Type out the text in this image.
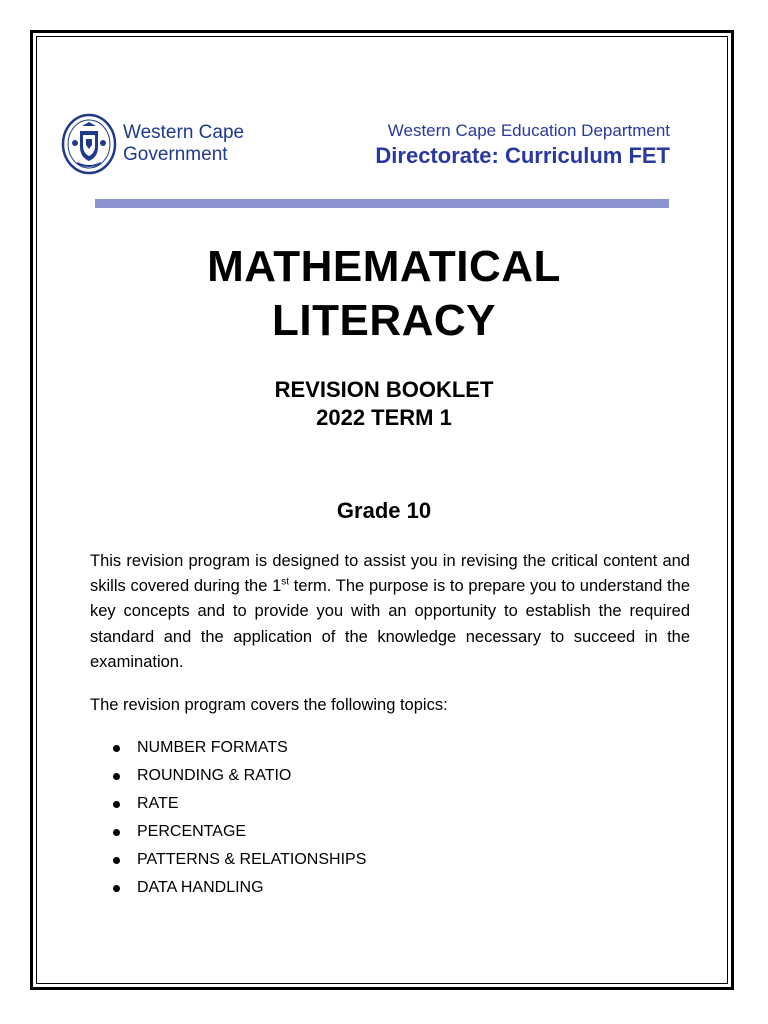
Western Cape
Government
Western Cape Education Department
Directorate: Curriculum FET
MATHEMATICAL
LITERACY
REVISION BOOKLET
2022 TERM 1
Grade 10

This revision program is designed to assist you in revising the critical content and skills covered during the 1st term. The purpose is to prepare you to understand the key concepts and to provide you with an opportunity to establish the required standard and the application of the knowledge necessary to succeed in the examination.

The revision program covers the following topics:
NUMBER FORMATS
ROUNDING & RATIO
RATE
PERCENTAGE
PATTERNS & RELATIONSHIPS
DATA HANDLING
